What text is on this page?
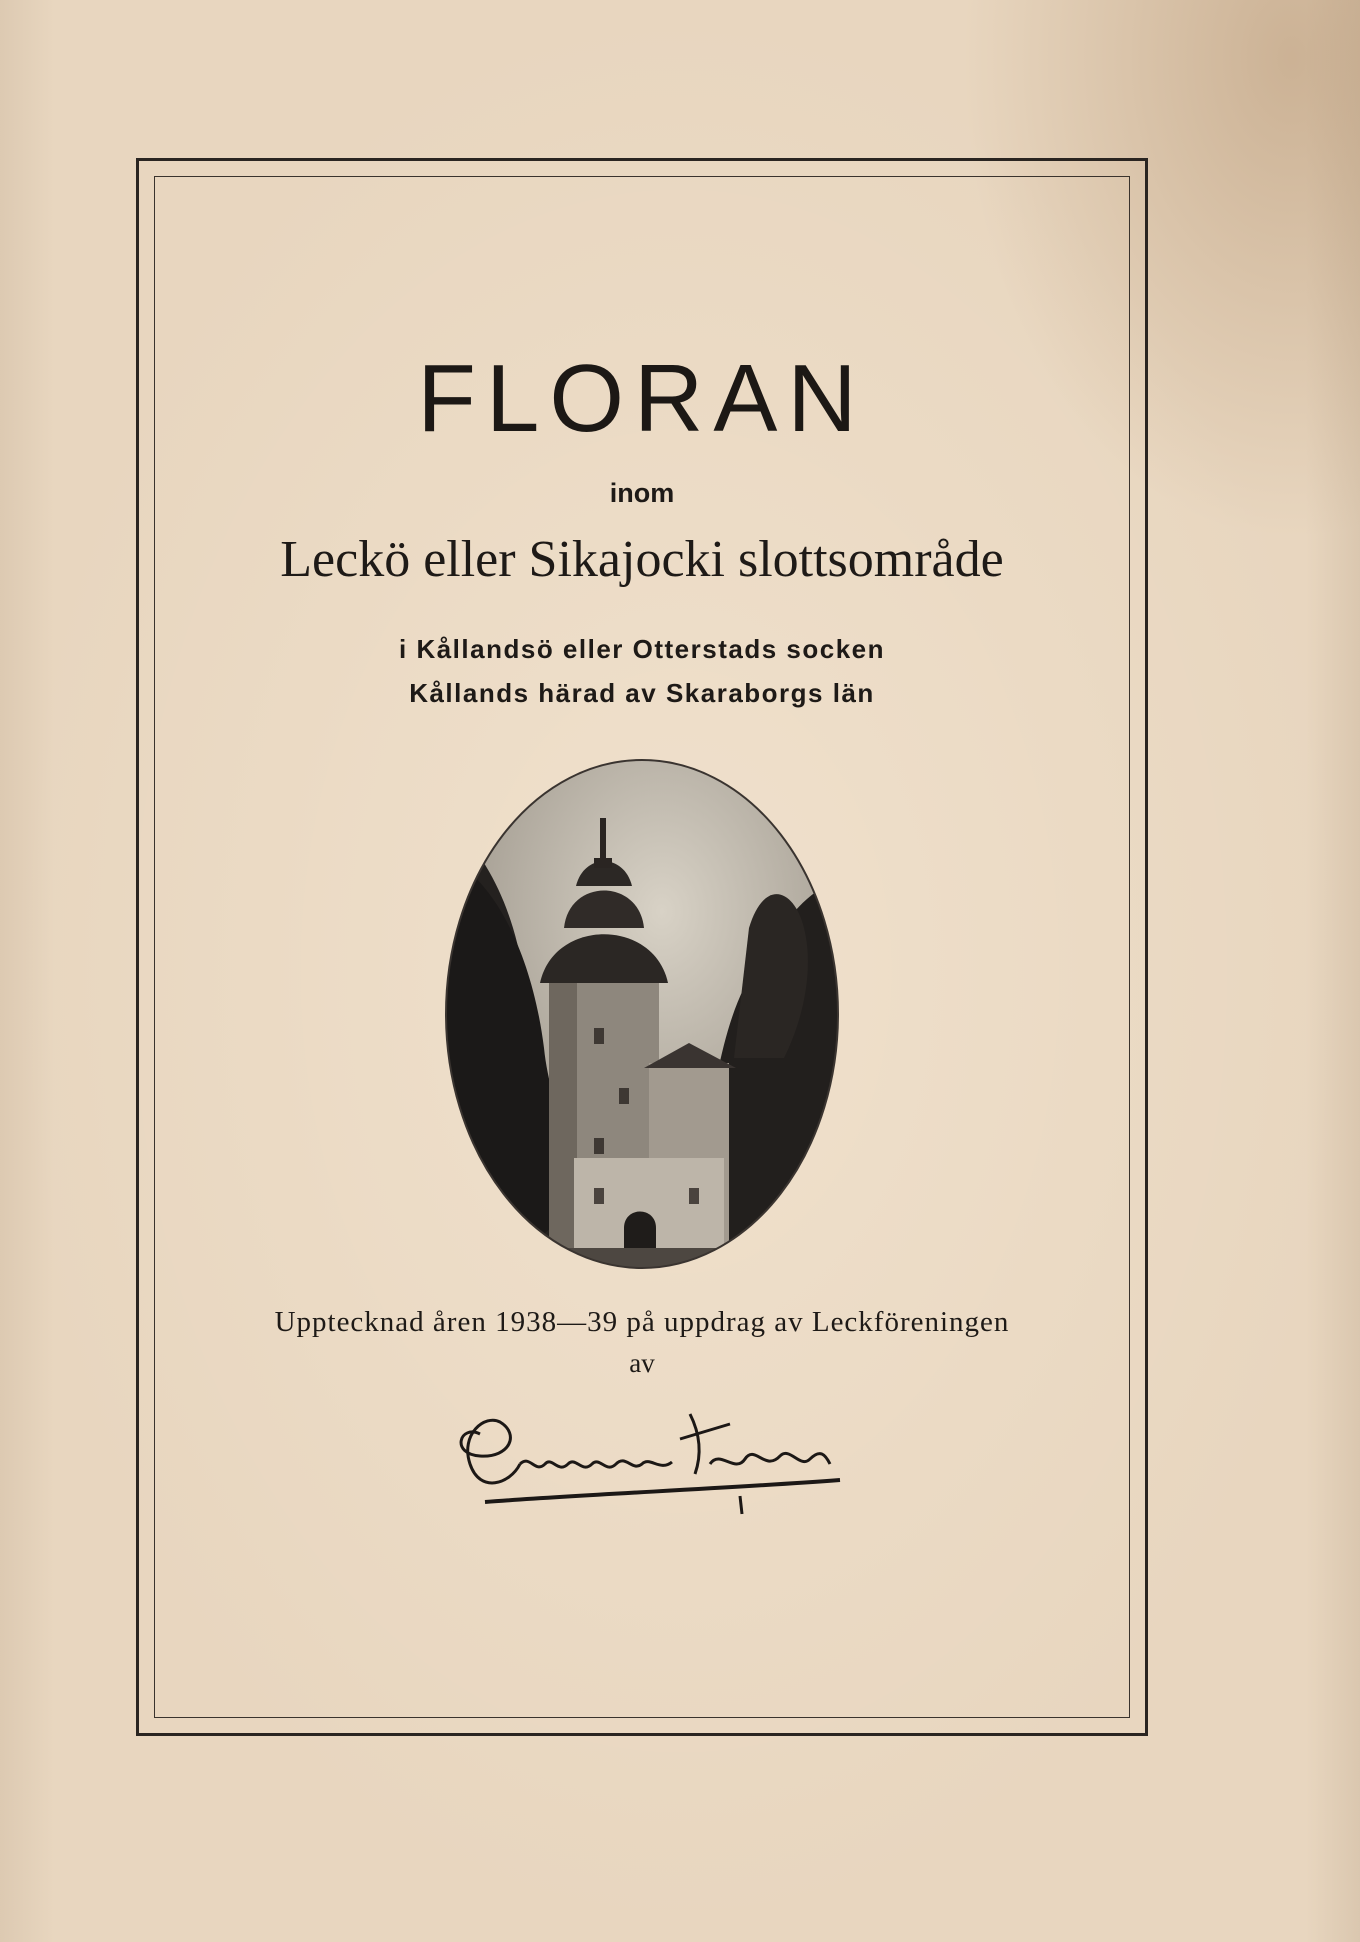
FLORAN
inom
Leckö eller Sikajocki slottsområde
i Kållandsö eller Otterstads socken
Kållands härad av Skaraborgs län
Upptecknad åren 1938—39 på uppdrag av Leckföreningen
av
